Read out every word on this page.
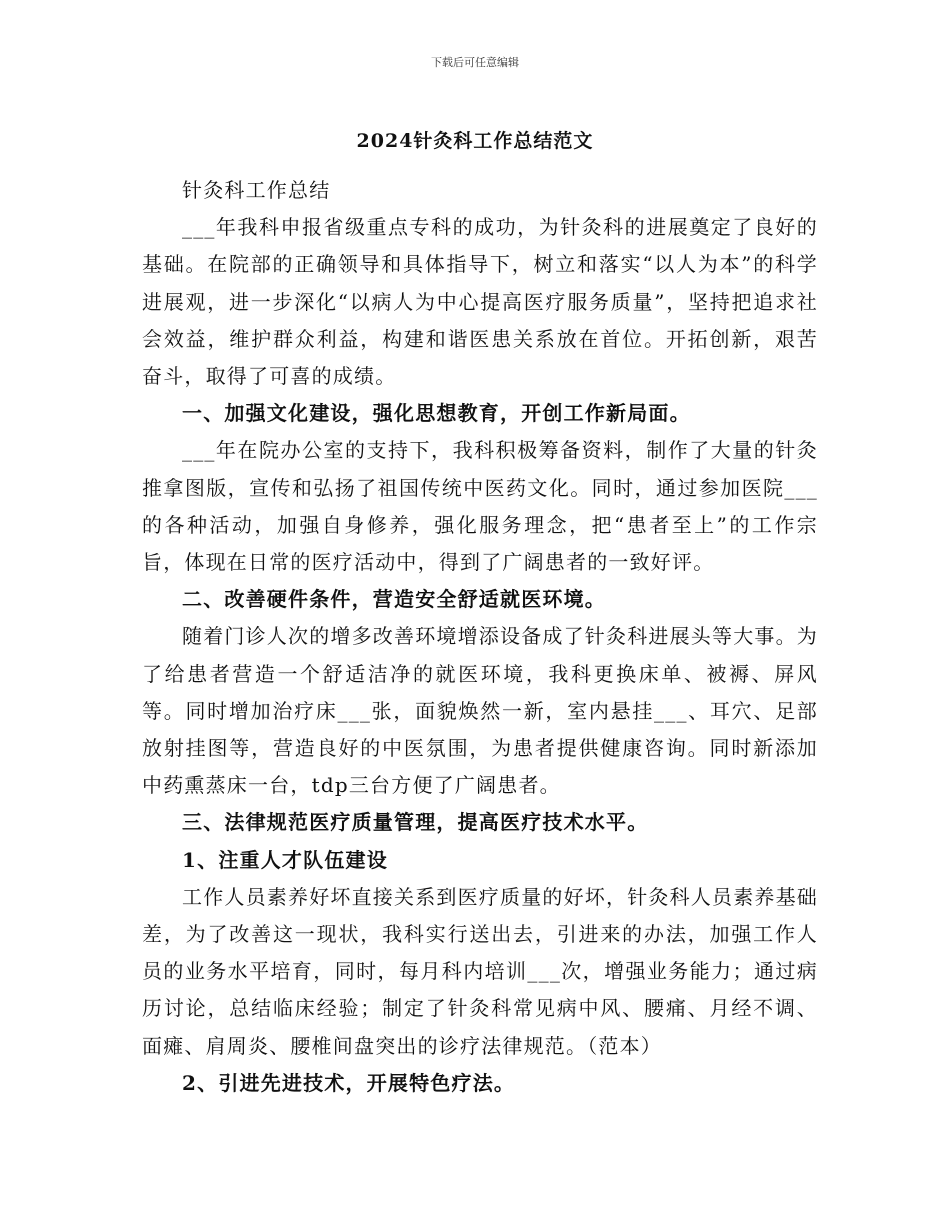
下载后可任意编辑
2024针灸科工作总结范文

针灸科工作总结

___年我科申报省级重点专科的成功，为针灸科的进展奠定了良好的基础。在院部的正确领导和具体指导下，树立和落实“以人为本”的科学进展观，进一步深化“以病人为中心提高医疗服务质量”，坚持把追求社会效益，维护群众利益，构建和谐医患关系放在首位。开拓创新，艰苦奋斗，取得了可喜的成绩。

一、加强文化建设，强化思想教育，开创工作新局面。

___年在院办公室的支持下，我科积极筹备资料，制作了大量的针灸推拿图版，宣传和弘扬了祖国传统中医药文化。同时，通过参加医院___的各种活动，加强自身修养，强化服务理念，把“患者至上”的工作宗旨，体现在日常的医疗活动中，得到了广阔患者的一致好评。

二、改善硬件条件，营造安全舒适就医环境。

随着门诊人次的增多改善环境增添设备成了针灸科进展头等大事。为了给患者营造一个舒适洁净的就医环境，我科更换床单、被褥、屏风等。同时增加治疗床___张，面貌焕然一新，室内悬挂___、耳穴、足部放射挂图等，营造良好的中医氛围，为患者提供健康咨询。同时新添加中药熏蒸床一台，tdp三台方便了广阔患者。

三、法律规范医疗质量管理，提高医疗技术水平。

1、注重人才队伍建设

工作人员素养好坏直接关系到医疗质量的好坏，针灸科人员素养基础差，为了改善这一现状，我科实行送出去，引进来的办法，加强工作人员的业务水平培育，同时，每月科内培训___次，增强业务能力；通过病历讨论，总结临床经验；制定了针灸科常见病中风、腰痛、月经不调、面瘫、肩周炎、腰椎间盘突出的诊疗法律规范。（范本）

2、引进先进技术，开展特色疗法。
